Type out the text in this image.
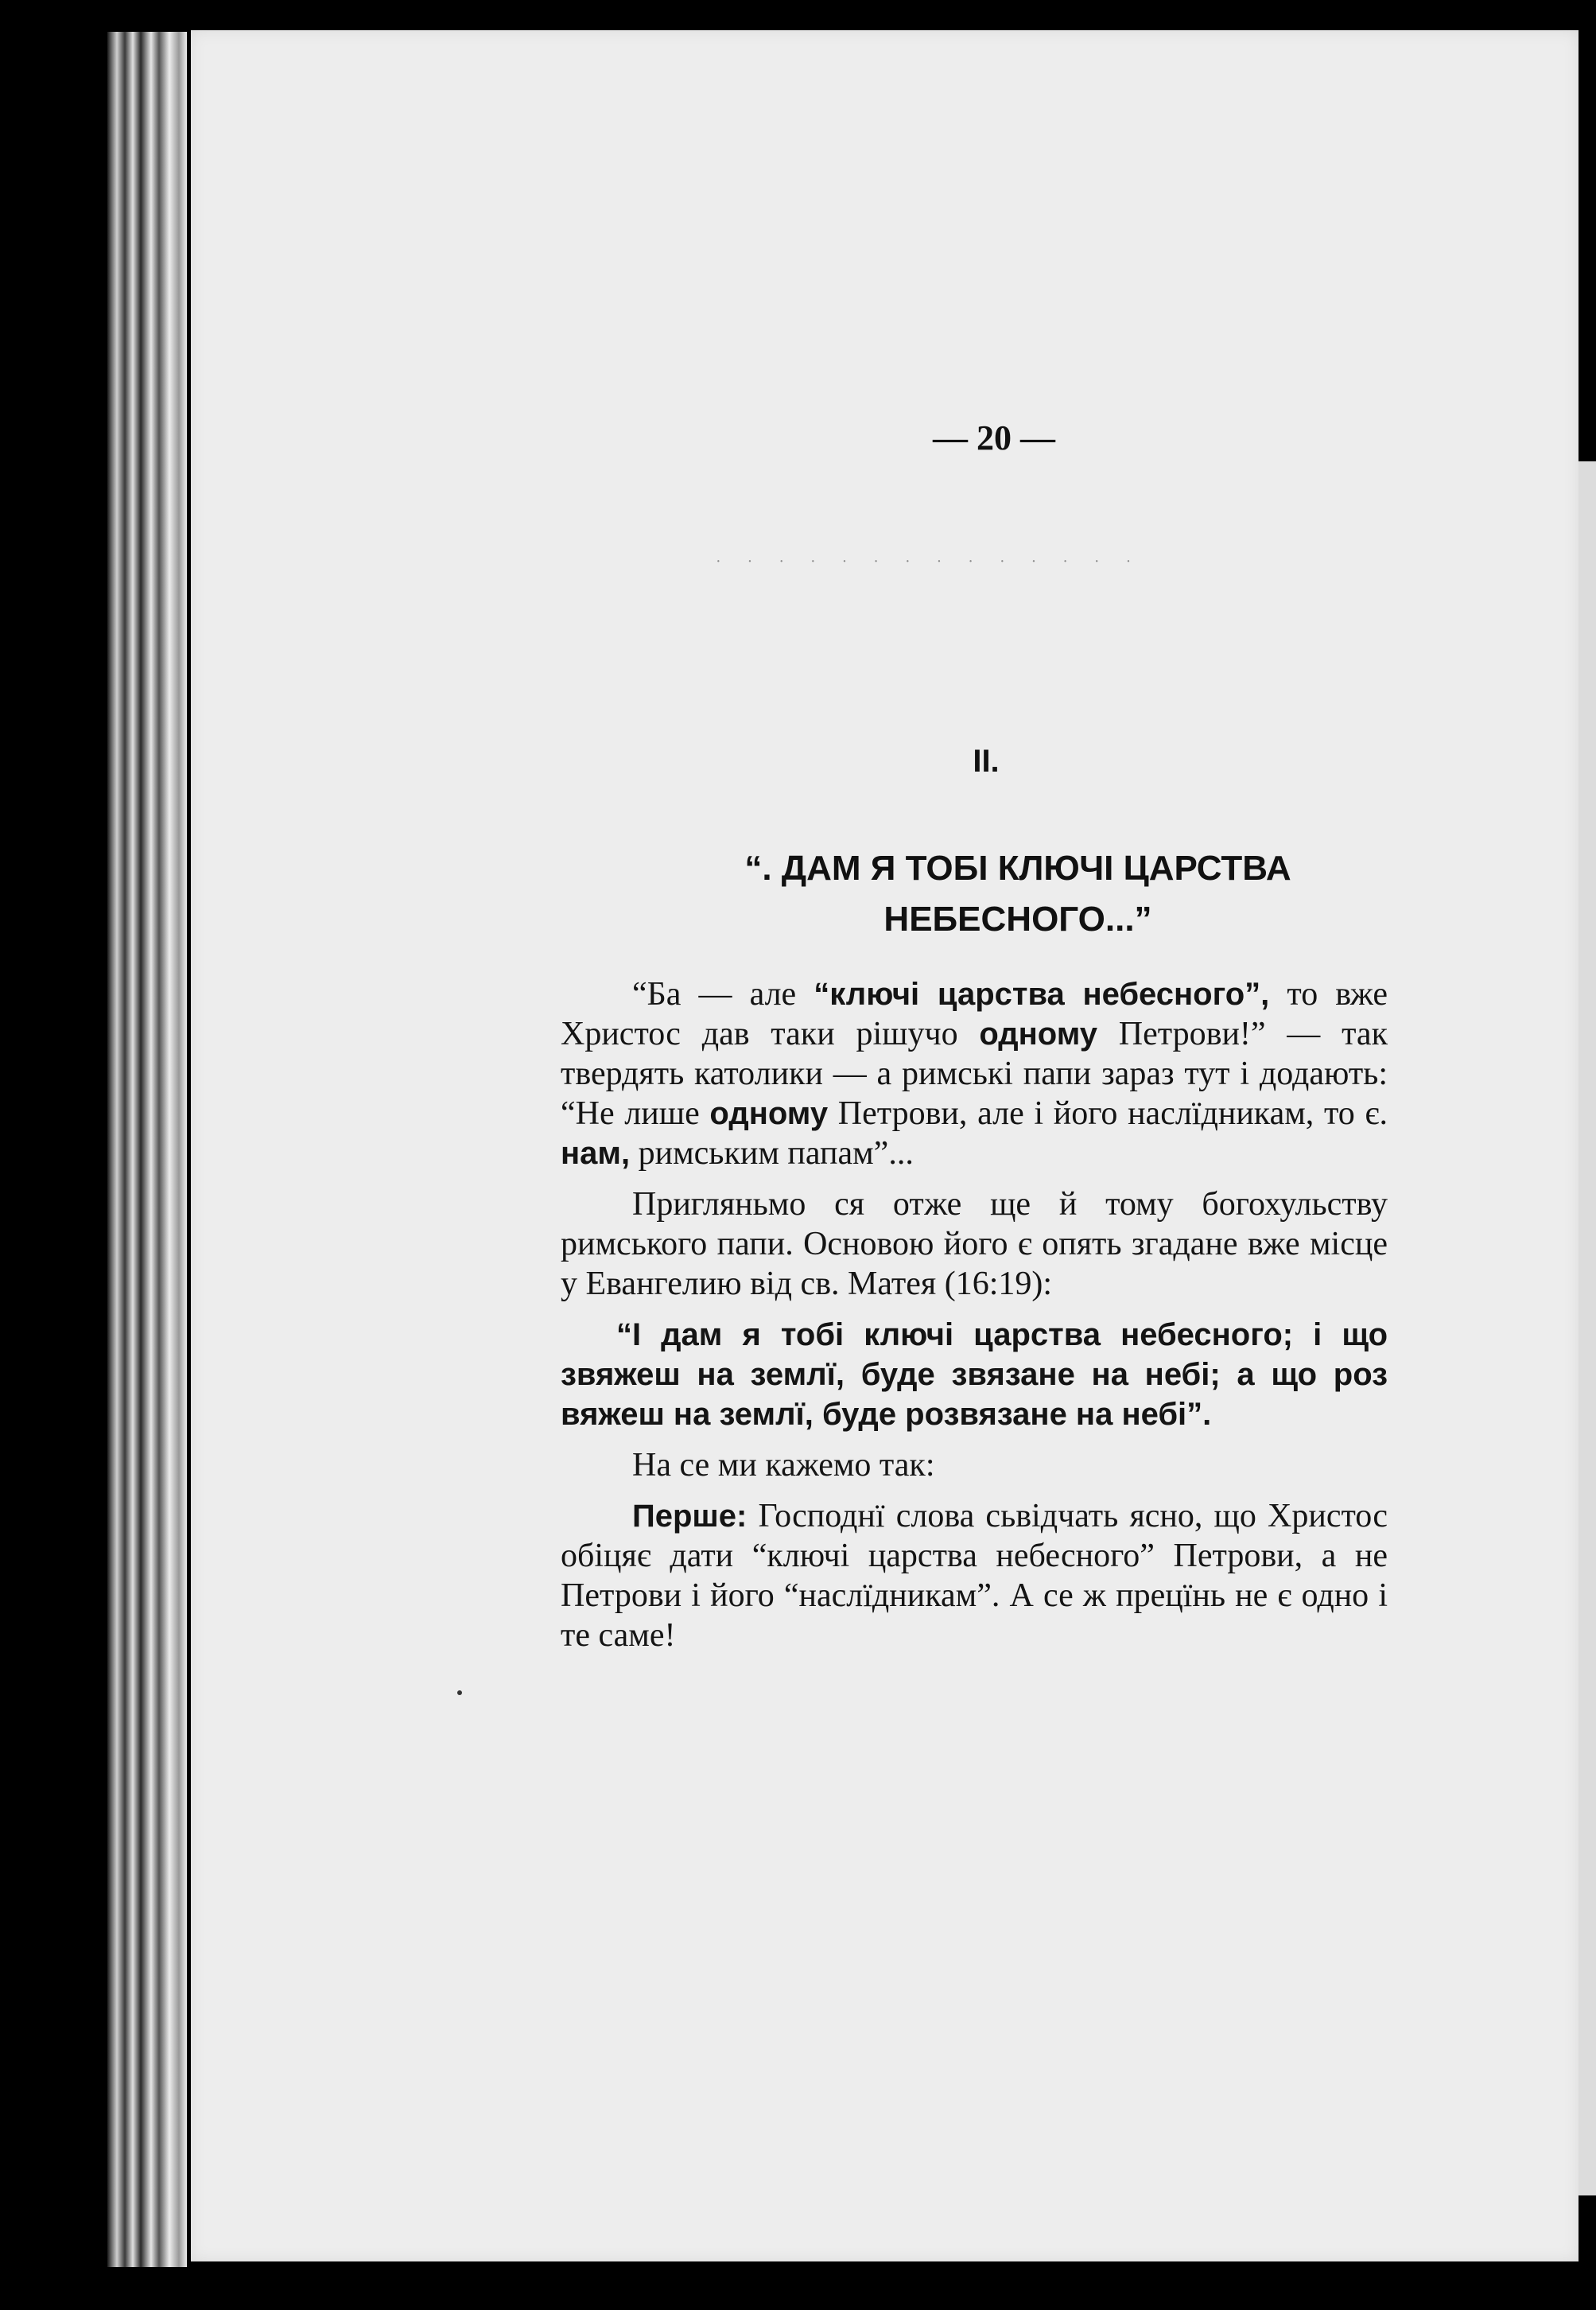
— 20 —
· · · · · · · · · · · · · ·
II.
“. ДАМ Я ТОБІ КЛЮЧІ ЦАРСТВА НЕБЕСНОГО...”

“Ба — але “ключі царства небесного”, то вже Христос дав таки рішучо одному Петрови!” — так твердять католики — а римські папи зараз тут і додають: “Не лише одному Петрови, але і його наслїдникам, то є. нам, римським папам”...

Пригляньмо ся отже ще й тому богохульству римського папи. Основою його є опять згадане вже місце у Евангелию від св. Матея (16:19):

“І дам я тобі ключі царства небесного; і що звяжеш на землї, буде звязане на небі; а що роз вяжеш на землї, буде розвязане на небі”.

На се ми кажемо так:

Перше: Господнї слова сьвідчать ясно, що Христос обіцяє дати “ключі царства небесного” Петрови, а не Петрови і його “наслїдникам”. А се ж прецїнь не є одно і те саме!
